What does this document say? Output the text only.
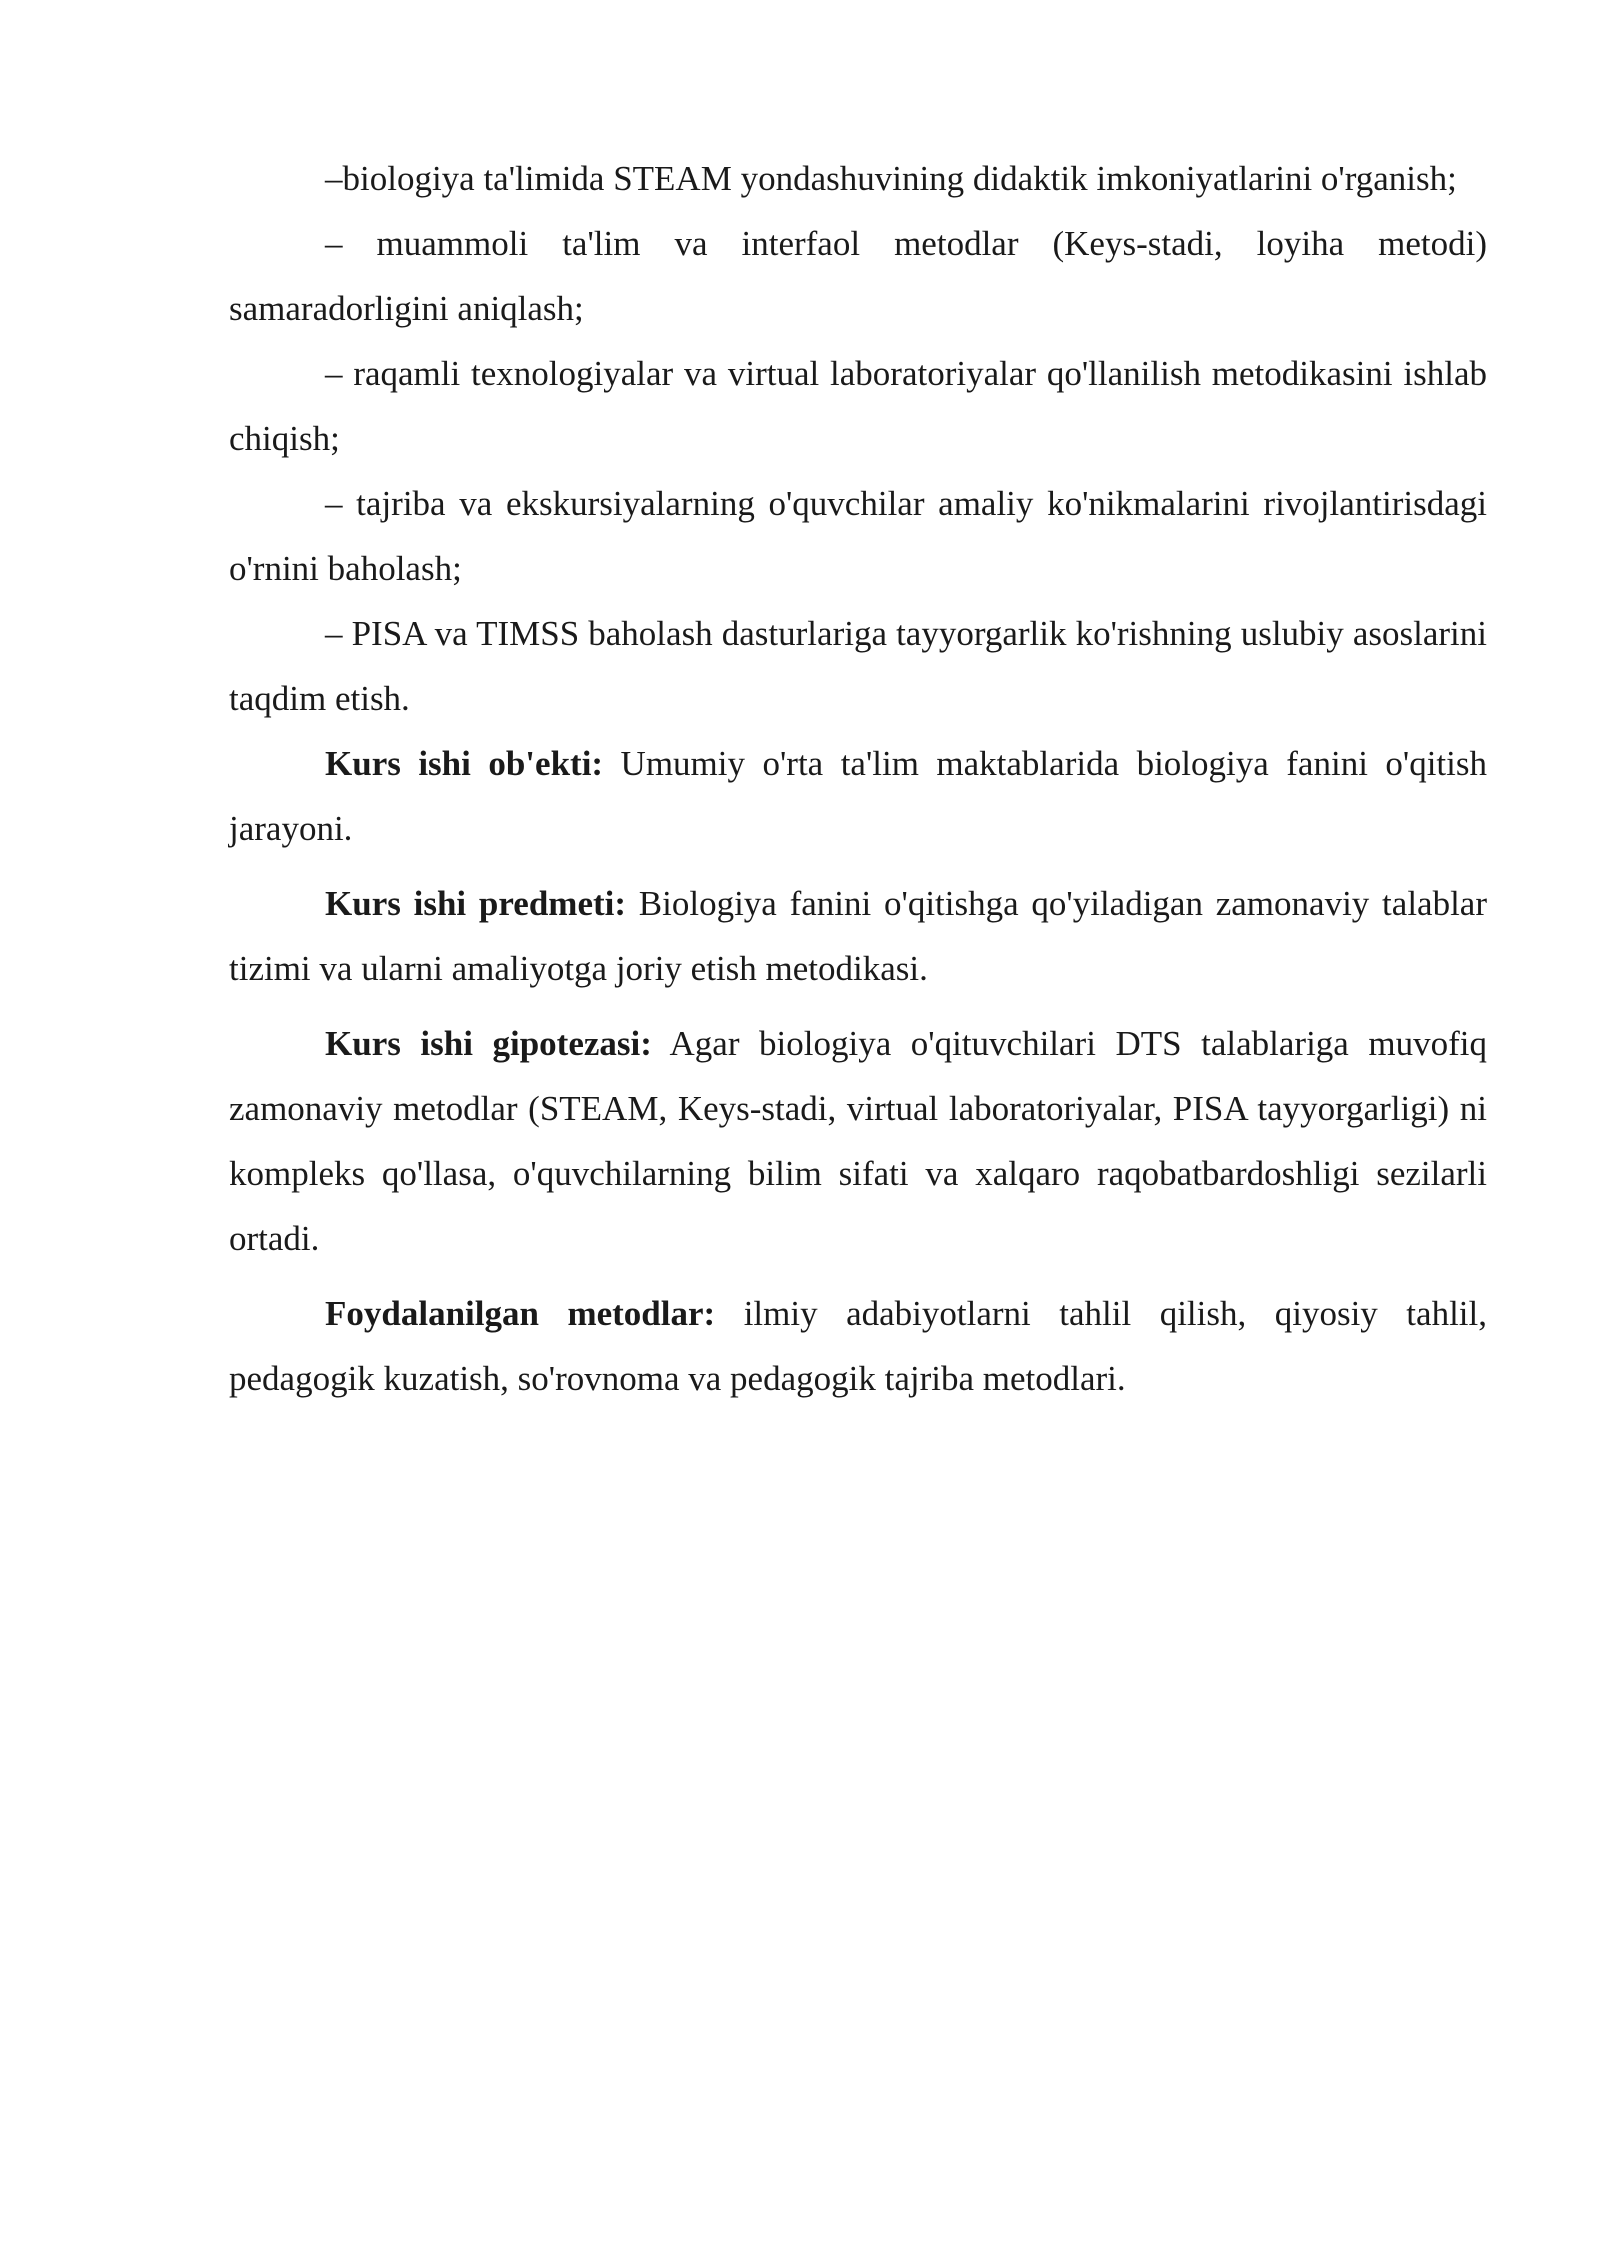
–biologiya ta'limida STEAM yondashuvining didaktik imkoniyatlarini o'rganish;

– muammoli ta'lim va interfaol metodlar (Keys-stadi, loyiha metodi) samaradorligini aniqlash;

– raqamli texnologiyalar va virtual laboratoriyalar qo'llanilish metodikasini ishlab chiqish;

– tajriba va ekskursiyalarning o'quvchilar amaliy ko'nikmalarini rivojlantirisdagi o'rnini baholash;

– PISA va TIMSS baholash dasturlariga tayyorgarlik ko'rishning uslubiy asoslarini taqdim etish.

Kurs ishi ob'ekti: Umumiy o'rta ta'lim maktablarida biologiya fanini o'qitish jarayoni.

Kurs ishi predmeti: Biologiya fanini o'qitishga qo'yiladigan zamonaviy talablar tizimi va ularni amaliyotga joriy etish metodikasi.

Kurs ishi gipotezasi: Agar biologiya o'qituvchilari DTS talablariga muvofiq zamonaviy metodlar (STEAM, Keys-stadi, virtual laboratoriyalar, PISA tayyorgarligi) ni kompleks qo'llasa, o'quvchilarning bilim sifati va xalqaro raqobatbardoshligi sezilarli ortadi.

Foydalanilgan metodlar: ilmiy adabiyotlarni tahlil qilish, qiyosiy tahlil, pedagogik kuzatish, so'rovnoma va pedagogik tajriba metodlari.
